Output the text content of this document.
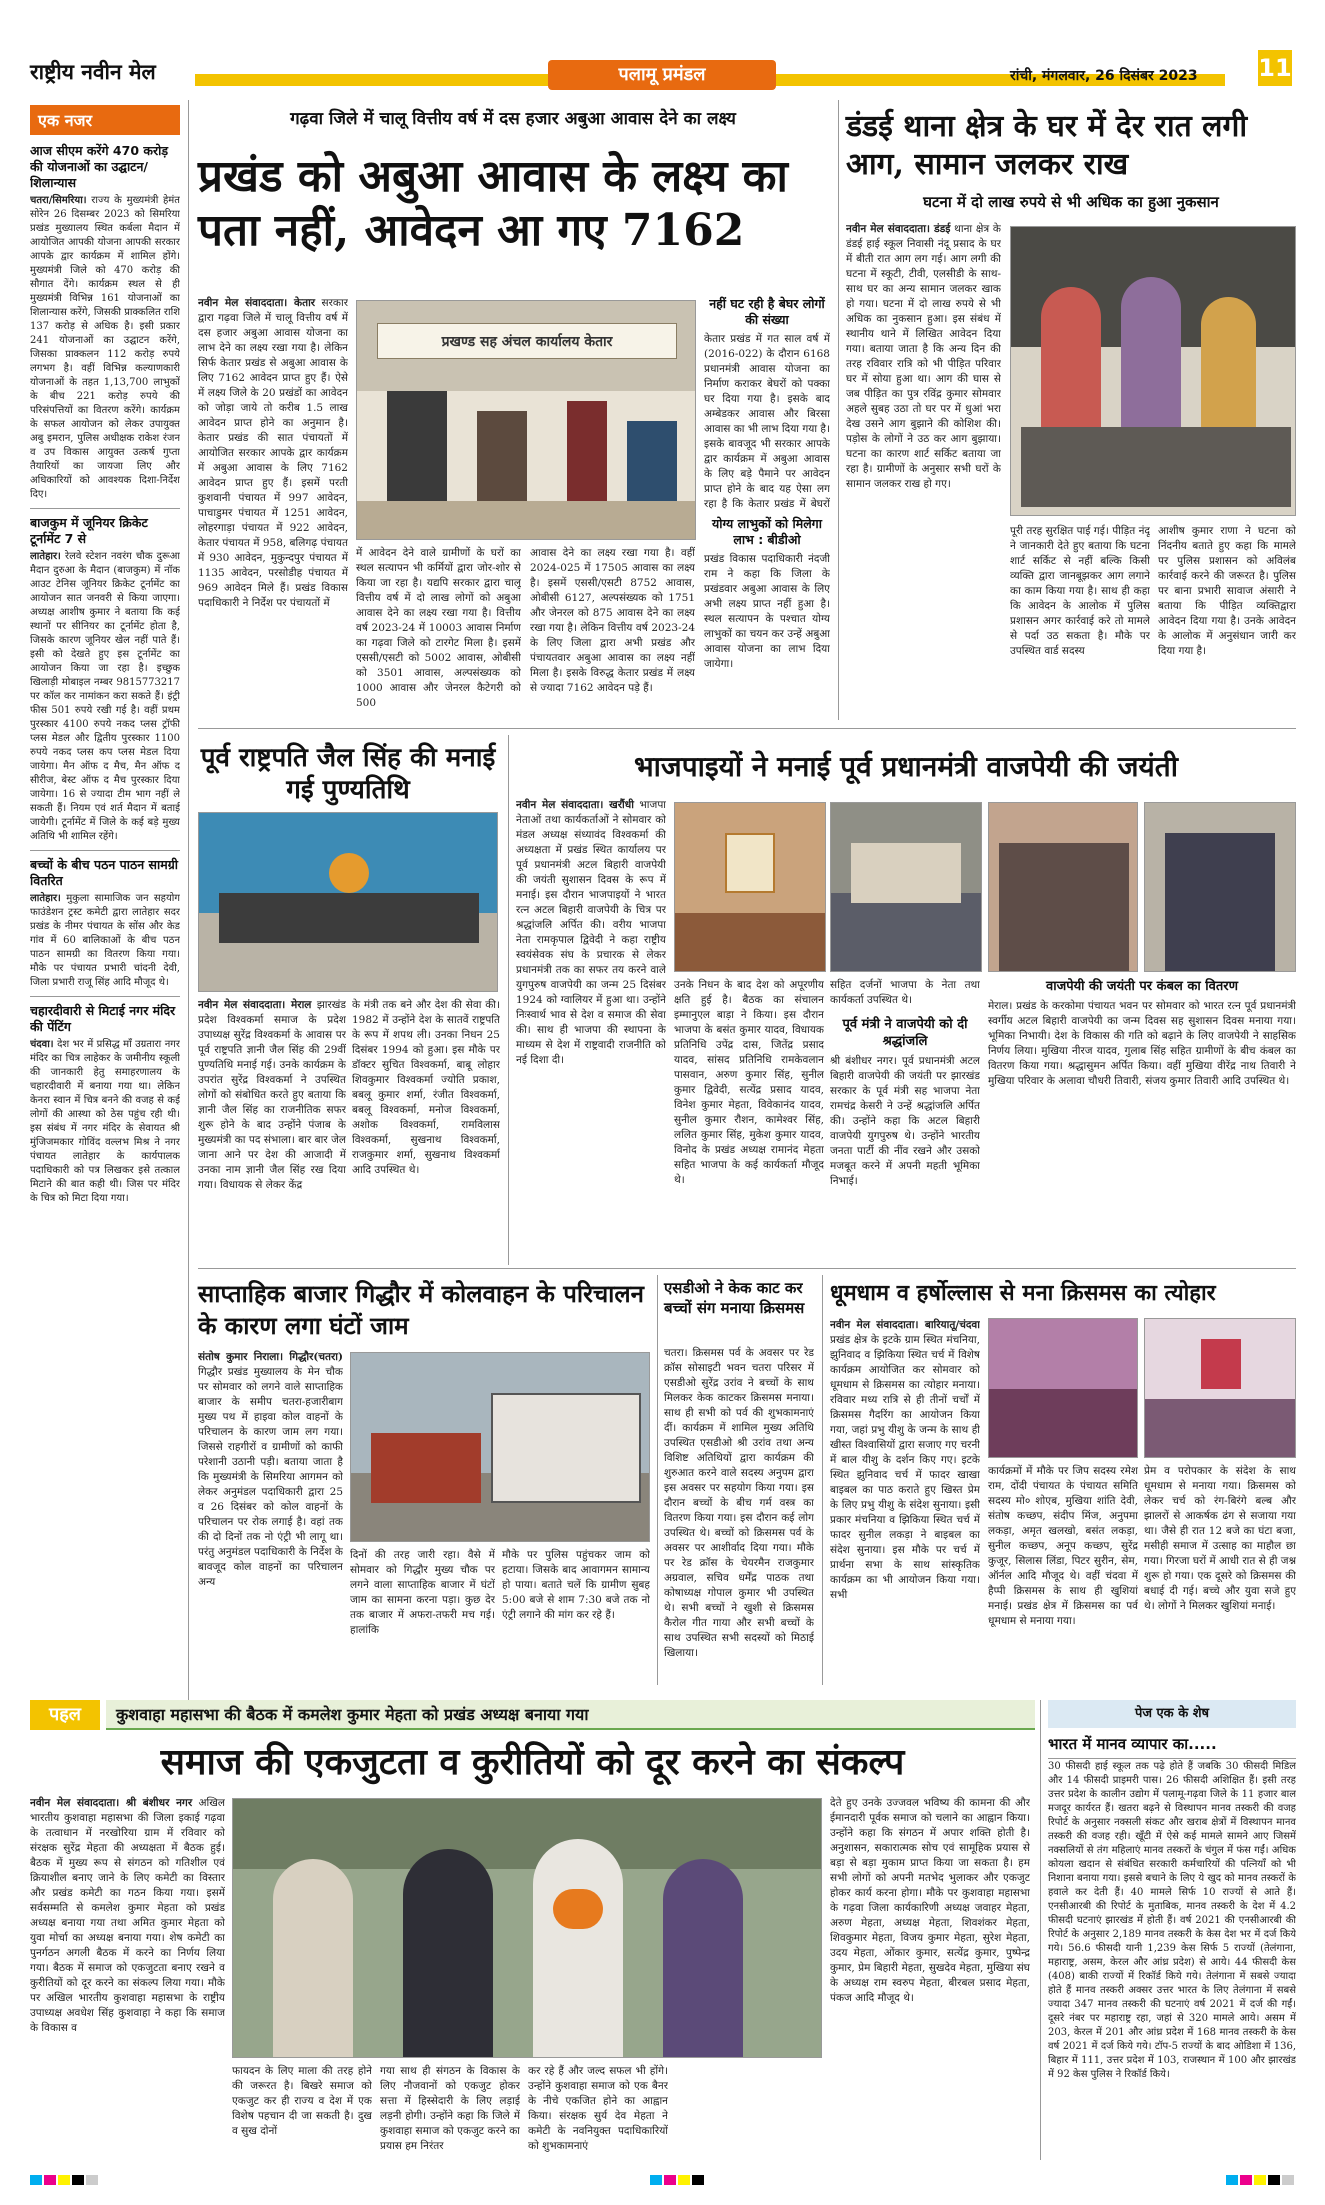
राष्ट्रीय नवीन मेल	पलामू प्रमंडल	रांची, मंगलवार, 26 दिसंबर 2023	11
एक नजर
आज सीएम करेंगे 470 करोड़ की योजनाओं का उद्घाटन/शिलान्यास
चतरा/सिमरिया। राज्य के मुख्यमंत्री हेमंत सोरेन 26 दिसम्बर 2023 को सिमरिया प्रखंड मुख्यालय स्थित कर्बला मैदान में आयोजित आपकी योजना आपकी सरकार आपके द्वार कार्यक्रम में शामिल होंगे। मुख्यमंत्री जिले को 470 करोड़ की सौगात देंगे। कार्यक्रम स्थल से ही मुख्यमंत्री विभिन्न 161 योजनाओं का शिलान्यास करेंगे, जिसकी प्राक्कलित राशि 137 करोड़ से अधिक है। इसी प्रकार 241 योजनाओं का उद्घाटन करेंगे, जिसका प्राक्कलन 112 करोड़ रुपये लगभग है। वहीं विभिन्न कल्याणकारी योजनाओं के तहत 1,13,700 लाभुकों के बीच 221 करोड़ रुपये की परिसंपत्तियों का वितरण करेंगे। कार्यक्रम के सफल आयोजन को लेकर उपायुक्त अबु इमरान, पुलिस अधीक्षक राकेश रंजन व उप विकास आयुक्त उत्कर्ष गुप्ता तैयारियों का जायजा लिए और अधिकारियों को आवश्यक दिशा-निर्देश दिए।
बाजकुम में जूनियर क्रिकेट टूर्नामेंट 7 से
लातेहार। रेलवे स्टेशन नवरंग चौक दुरूआ मैदान दुरुआ के मैदान (बाजकुम) में नॉक आउट टेनिस जूनियर क्रिकेट टूर्नामेंट का आयोजन सात जनवरी से किया जाएगा। अध्यक्ष आशीष कुमार ने बताया कि कई स्थानों पर सीनियर का टूर्नामेंट होता है, जिसके कारण जूनियर खेल नहीं पाते हैं। इसी को देखते हुए इस टूर्नामेंट का आयोजन किया जा रहा है। इच्छुक खिलाड़ी मोबाइल नम्बर 9815773217 पर कॉल कर नामांकन करा सकते हैं। इंट्री फीस 501 रुपये रखी गई है। वहीं प्रथम पुरस्कार 4100 रुपये नकद प्लस ट्रॉफी प्लस मेडल और द्वितीय पुरस्कार 1100 रुपये नकद प्लस कप प्लस मेडल दिया जायेगा। मैन ऑफ द मैच, मैन ऑफ द सीरीज, बेस्ट ऑफ द मैच पुरस्कार दिया जायेगा। 16 से ज्यादा टीम भाग नहीं ले सकती हैं। नियम एवं शर्त मैदान में बताई जायेगी। टूर्नामेंट में जिले के कई बड़े मुख्य अतिथि भी शामिल रहेंगे।
बच्चों के बीच पठन पाठन सामग्री वितरित
लातेहार। मुकुला सामाजिक जन सहयोग फाउंडेशन ट्रस्ट कमेटी द्वारा लातेहार सदर प्रखंड के नीमर पंचायत के सोंस और केड गांव में 60 बालिकाओं के बीच पठन पाठन सामग्री का वितरण किया गया। मौके पर पंचायत प्रभारी चांदनी देवी, जिला प्रभारी राजू सिंह आदि मौजूद थे।
चहारदीवारी से मिटाई नगर मंदिर की पेंटिंग
चंदवा। देश भर में प्रसिद्ध माँ उग्रतारा नगर मंदिर का चित्र लाहेकर के जमीनीय स्कूली की जानकारी हेतु समाहरणालय के चहारदीवारी में बनाया गया था। लेकिन केनरा स्वान में चित्र बनने की वजह से कई लोगों की आस्था को ठेस पहुंच रही थी। इस संबंध में नगर मंदिर के सेवायत श्री मुंजिजमकार गोविंद वल्लभ मिश्र ने नगर पंचायत लातेहार के कार्यपालक पदाधिकारी को पत्र लिखकर इसे तत्काल मिटाने की बात कही थी। जिस पर मंदिर के चित्र को मिटा दिया गया।
गढ़वा जिले में चालू वित्तीय वर्ष में दस हजार अबुआ आवास देने का लक्ष्य
प्रखंड को अबुआ आवास के लक्ष्य का पता नहीं, आवेदन आ गए 7162
नवीन मेल संवाददाता। केतार सरकार द्वारा गढ़वा जिले में चालू वित्तीय वर्ष में दस हजार अबुआ आवास योजना का लाभ देने का लक्ष्य रखा गया है। लेकिन सिर्फ केतार प्रखंड से अबुआ आवास के लिए 7162 आवेदन प्राप्त हुए हैं। ऐसे में लक्ष्य जिले के 20 प्रखंडों का आवेदन को जोड़ा जाये तो करीब 1.5 लाख आवेदन प्राप्त होने का अनुमान है। केतार प्रखंड की सात पंचायतों में आयोजित सरकार आपके द्वार कार्यक्रम में अबुआ आवास के लिए 7162 आवेदन प्राप्त हुए हैं। इसमें परती कुशवानी पंचायत में 997 आवेदन, पाचाडुमर पंचायत में 1251 आवेदन, लोहरगाड़ा पंचायत में 922 आवेदन, केतार पंचायत में 958, बलिगढ़ पंचायत में 930 आवेदन, मुकुन्दपुर पंचायत में 1135 आवेदन, परसोडीह पंचायत में 969 आवेदन मिले हैं। प्रखंड विकास पदाधिकारी ने निर्देश पर पंचायतों में
प्रखण्ड सह अंचल कार्यालय केतार
में आवेदन देने वाले ग्रामीणों के घरों का स्थल सत्यापन भी कर्मियों द्वारा जोर-शोर से किया जा रहा है। यद्यपि सरकार द्वारा चालू वित्तीय वर्ष में दो लाख लोगों को अबुआ आवास देने का लक्ष्य रखा गया है। वित्तीय वर्ष 2023-24 में 10003 आवास निर्माण का गढ़वा जिले को टारगेट मिला है। इसमें एससी/एसटी को 5002 आवास, ओबीसी को 3501 आवास, अल्पसंख्यक को 1000 आवास और जेनरल कैटेगरी को 500
आवास देने का लक्ष्य रखा गया है। वहीं 2024-025 में 17505 आवास का लक्ष्य है। इसमें एससी/एसटी 8752 आवास, ओबीसी 6127, अल्पसंख्यक को 1751 और जेनरल को 875 आवास देने का लक्ष्य रखा गया है। लेकिन वित्तीय वर्ष 2023-24 के लिए जिला द्वारा अभी प्रखंड और पंचायतवार अबुआ आवास का लक्ष्य नहीं मिला है। इसके विरुद्ध केतार प्रखंड में लक्ष्य से ज्यादा 7162 आवेदन पड़े हैं।
नहीं घट रही है बेघर लोगों की संख्या
केतार प्रखंड में गत साल वर्ष में (2016-022) के दौरान 6168 प्रधानमंत्री आवास योजना का निर्माण कराकर बेघरों को पक्का घर दिया गया है। इसके बाद अम्बेडकर आवास और बिरसा आवास का भी लाभ दिया गया है। इसके बावजूद भी सरकार आपके द्वार कार्यक्रम में अबुआ आवास के लिए बड़े पैमाने पर आवेदन प्राप्त होने के बाद यह ऐसा लग रहा है कि केतार प्रखंड में बेघरों
योग्य लाभुकों को मिलेगा लाभ : बीडीओ
प्रखंड विकास पदाधिकारी नंदजी राम ने कहा कि जिला के प्रखंडवार अबुआ आवास के लिए अभी लक्ष्य प्राप्त नहीं हुआ है। स्थल सत्यापन के पश्चात योग्य लाभुकों का चयन कर उन्हें अबुआ आवास योजना का लाभ दिया जायेगा।
डंडई थाना क्षेत्र के घर में देर रात लगी आग, सामान जलकर राख
घटना में दो लाख रुपये से भी अधिक का हुआ नुकसान
नवीन मेल संवाददाता। डंडई थाना क्षेत्र के डंडई हाई स्कूल निवासी नंदू प्रसाद के घर में बीती रात आग लग गई। आग लगी की घटना में स्कूटी, टीवी, एलसीडी के साथ-साथ घर का अन्य सामान जलकर खाक हो गया। घटना में दो लाख रुपये से भी अधिक का नुकसान हुआ। इस संबंध में स्थानीय थाने में लिखित आवेदन दिया गया। बताया जाता है कि अन्य दिन की तरह रविवार रात्रि को भी पीड़ित परिवार घर में सोया हुआ था। आग की घास से जब पीड़ित का पुत्र रविंद्र कुमार सोमवार अहले सुबह उठा तो घर पर में धुआं भरा देख उसने आग बुझाने की कोशिश की। पड़ोस के लोगों ने उठ कर आग बुझाया। घटना का कारण शार्ट सर्किट बताया जा रहा है। ग्रामीणों के अनुसार सभी घरों के सामान जलकर राख हो गए।
पूरी तरह सुरक्षित पाई गई। पीड़ित नंदू ने जानकारी देते हुए बताया कि घटना शार्ट सर्किट से नहीं बल्कि किसी व्यक्ति द्वारा जानबूझकर आग लगाने का काम किया गया है। साथ ही कहा कि आवेदन के आलोक में पुलिस प्रशासन अगर कार्रवाई करे तो मामले से पर्दा उठ सकता है। मौके पर उपस्थित वार्ड सदस्य
आशीष कुमार राणा ने घटना को निंदनीय बताते हुए कहा कि मामले पर पुलिस प्रशासन को अविलंब कार्रवाई करने की जरूरत है। पुलिस पर बाना प्रभारी सावाज अंसारी ने बताया कि पीड़ित व्यक्तिद्वारा आवेदन दिया गया है। उनके आवेदन के आलोक में अनुसंधान जारी कर दिया गया है।
पूर्व राष्ट्रपति जैल सिंह की मनाई गई पुण्यतिथि
नवीन मेल संवाददाता। मेराल झारखंड प्रदेश विश्वकर्मा समाज के प्रदेश उपाध्यक्ष सुरेंद्र विश्वकर्मा के आवास पर पूर्व राष्ट्रपति ज्ञानी जैल सिंह की 29वीं पुण्यतिथि मनाई गई। उनके कार्यक्रम के उपरांत सुरेंद्र विश्वकर्मा ने उपस्थित लोगों को संबोधित करते हुए बताया कि ज्ञानी जैल सिंह का राजनीतिक सफर शुरू होने के बाद उन्होंने पंजाब के मुख्यमंत्री का पद संभाला। बार बार जेल जाना आने पर देश की आजादी में उनका नाम ज्ञानी जैल सिंह रख दिया गया। विधायक से लेकर केंद्र
के मंत्री तक बने और देश की सेवा की। 1982 में उन्होंने देश के सातवें राष्ट्रपति के रूप में शपथ ली। उनका निधन 25 दिसंबर 1994 को हुआ। इस मौके पर डॉक्टर सुचित विश्वकर्मा, बाबू लोहार शिवकुमार विश्वकर्मा ज्योति प्रकाश, बबलू कुमार शर्मा, रंजीत विश्वकर्मा, बबलू विश्वकर्मा, मनोज विश्वकर्मा, अशोक विश्वकर्मा, रामविलास विश्वकर्मा, सुखनाथ विश्वकर्मा, राजकुमार शर्मा, सुखनाथ विश्वकर्मा आदि उपस्थित थे।
भाजपाइयों ने मनाई पूर्व प्रधानमंत्री वाजपेयी की जयंती
नवीन मेल संवाददाता। खरौंधी भाजपा नेताओं तथा कार्यकर्ताओं ने सोमवार को मंडल अध्यक्ष संध्यावंद विश्वकर्मा की अध्यक्षता में प्रखंड स्थित कार्यालय पर पूर्व प्रधानमंत्री अटल बिहारी वाजपेयी की जयंती सुशासन दिवस के रूप में मनाई। इस दौरान भाजपाइयों ने भारत रत्न अटल बिहारी वाजपेयी के चित्र पर श्रद्धांजलि अर्पित की। वरीय भाजपा नेता रामकृपाल द्विवेदी ने कहा राष्ट्रीय स्वयंसेवक संघ के प्रचारक से लेकर प्रधानमंत्री तक का सफर तय करने वाले युगपुरुष वाजपेयी का जन्म 25 दिसंबर 1924 को ग्वालियर में हुआ था। उन्होंने निःस्वार्थ भाव से देश व समाज की सेवा की। साथ ही भाजपा की स्थापना के माध्यम से देश में राष्ट्रवादी राजनीति को नई दिशा दी।
उनके निधन के बाद देश को अपूरणीय क्षति हुई है। बैठक का संचालन इम्मानुएल बाड़ा ने किया। इस दौरान भाजपा के बसंत कुमार यादव, विधायक प्रतिनिधि उपेंद्र दास, जितेंद्र प्रसाद यादव, सांसद प्रतिनिधि रामकेवलान पासवान, अरुण कुमार सिंह, सुनील कुमार द्विवेदी, सत्येंद्र प्रसाद यादव, विनेश कुमार मेहता, विवेकानंद यादव, सुनील कुमार रौशन, कामेश्वर सिंह, ललित कुमार सिंह, मुकेश कुमार यादव, विनोद के प्रखंड अध्यक्ष रामानंद मेहता सहित भाजपा के कई कार्यकर्ता मौजूद थे।
सहित दर्जनों भाजपा के नेता तथा कार्यकर्ता उपस्थित थे।
पूर्व मंत्री ने वाजपेयी को दी श्रद्धांजलि
श्री बंशीधर नगर। पूर्व प्रधानमंत्री अटल बिहारी वाजपेयी की जयंती पर झारखंड सरकार के पूर्व मंत्री सह भाजपा नेता रामचंद्र केसरी ने उन्हें श्रद्धांजलि अर्पित की। उन्होंने कहा कि अटल बिहारी वाजपेयी युगपुरुष थे। उन्होंने भारतीय जनता पार्टी की नींव रखने और उसको मजबूत करने में अपनी महती भूमिका निभाई।
वाजपेयी की जयंती पर कंबल का वितरण
मेराल। प्रखंड के करकोमा पंचायत भवन पर सोमवार को भारत रत्न पूर्व प्रधानमंत्री स्वर्गीय अटल बिहारी वाजपेयी का जन्म दिवस सह सुशासन दिवस मनाया गया। भूमिका निभायी। देश के विकास की गति को बढ़ाने के लिए वाजपेयी ने साहसिक निर्णय लिया। मुखिया नीरज यादव, गुलाब सिंह सहित ग्रामीणों के बीच कंबल का वितरण किया गया। श्रद्धासुमन अर्पित किया। वहीं मुखिया वीरेंद्र नाथ तिवारी ने मुखिया परिवार के अलावा चौधरी तिवारी, संजय कुमार तिवारी आदि उपस्थित थे।
साप्ताहिक बाजार गिद्धौर में कोलवाहन के परिचालन के कारण लगा घंटों जाम
संतोष कुमार निराला। गिद्धौर(चतरा) गिद्धौर प्रखंड मुख्यालय के मेन चौक पर सोमवार को लगने वाले साप्ताहिक बाजार के समीप चतरा-हजारीबाग मुख्य पथ में हाइवा कोल वाहनों के परिचालन के कारण जाम लग गया। जिससे राहगीरों व ग्रामीणों को काफी परेशानी उठानी पड़ी। बताया जाता है कि मुख्यमंत्री के सिमरिया आगमन को लेकर अनुमंडल पदाधिकारी द्वारा 25 व 26 दिसंबर को कोल वाहनों के परिचालन पर रोक लगाई है। वहां तक की दो दिनों तक नो एंट्री भी लागू था। परंतु अनुमंडल पदाधिकारी के निर्देश के बावजूद कोल वाहनों का परिचालन अन्य
दिनों की तरह जारी रहा। वैसे में सोमवार को गिद्धौर मुख्य चौक पर लगने वाला साप्ताहिक बाजार में घंटों जाम का सामना करना पड़ा। कुछ देर तक बाजार में अफरा-तफरी मच गई। हालांकि
मौके पर पुलिस पहुंचकर जाम को हटाया। जिसके बाद आवागमन सामान्य हो पाया। बताते चलें कि ग्रामीण सुबह 5:00 बजे से शाम 7:30 बजे तक नो एंट्री लगाने की मांग कर रहे हैं।
एसडीओ ने केक काट कर बच्चों संग मनाया क्रिसमस
चतरा। क्रिसमस पर्व के अवसर पर रेड क्रॉस सोसाइटी भवन चतरा परिसर में एसडीओ सुरेंद्र उरांव ने बच्चों के साथ मिलकर केक काटकर क्रिसमस मनाया। साथ ही सभी को पर्व की शुभकामनाएं दीं। कार्यक्रम में शामिल मुख्य अतिथि उपस्थित एसडीओ श्री उरांव तथा अन्य विशिष्ट अतिथियों द्वारा कार्यक्रम की शुरुआत करने वाले सदस्य अनुपम द्वारा इस अवसर पर सहयोग किया गया। इस दौरान बच्चों के बीच गर्म वस्त्र का वितरण किया गया। इस दौरान कई लोग उपस्थित थे। बच्चों को क्रिसमस पर्व के अवसर पर आशीर्वाद दिया गया। मौके पर रेड क्रॉस के चेयरमैन राजकुमार अग्रवाल, सचिव धर्मेंद्र पाठक तथा कोषाध्यक्ष गोपाल कुमार भी उपस्थित थे। सभी बच्चों ने खुशी से क्रिसमस कैरोल गीत गाया और सभी बच्चों के साथ उपस्थित सभी सदस्यों को मिठाई खिलाया।
धूमधाम व हर्षोल्लास से मना क्रिसमस का त्योहार
नवीन मेल संवाददाता। बारियातू/चंदवा प्रखंड क्षेत्र के इटके ग्राम स्थित मंचनिया, झुनिवाद व झिकिया स्थित चर्च में विशेष कार्यक्रम आयोजित कर सोमवार को धूमधाम से क्रिसमस का त्योहार मनाया। रविवार मध्य रात्रि से ही तीनों चर्चों में क्रिसमस गैदरिंग का आयोजन किया गया, जहां प्रभु यीशु के जन्म के साथ ही खीस्त विश्वासियों द्वारा सजाए गए चरनी में बाल यीशु के दर्शन किए गए। इटके स्थित झुनिवाद चर्च में फादर खाखा बाइबल का पाठ कराते हुए खिस्त प्रेम के लिए प्रभु यीशु के संदेश सुनाया। इसी प्रकार मंचनिया व झिकिया स्थित चर्च में फादर सुनील लकड़ा ने बाइबल का संदेश सुनाया। इस मौके पर चर्च में प्रार्थना सभा के साथ सांस्कृतिक कार्यक्रम का भी आयोजन किया गया। सभी
कार्यक्रमों में मौके पर जिप सदस्य रमेश राम, दोंदी पंचायत के पंचायत समिति सदस्य मो० शोएब, मुखिया शांति देवी, संतोष कच्छप, संदीप मिंज, अनुपमा लकड़ा, अमृत खलखो, बसंत लकड़ा, सुनील कच्छप, अनूप कच्छप, सुरेंद्र कुजूर, सिलास लिंडा, पिटर सुरीन, सेम, ऑर्नल आदि मौजूद थे। वहीं चंदवा में हैप्पी क्रिसमस के साथ ही खुशियां मनाई। प्रखंड क्षेत्र में क्रिसमस का पर्व धूमधाम से मनाया गया।
प्रेम व परोपकार के संदेश के साथ धूमधाम से मनाया गया। क्रिसमस को लेकर चर्च को रंग-बिरंगे बल्ब और झालरों से आकर्षक ढंग से सजाया गया था। जैसे ही रात 12 बजे का घंटा बजा, मसीही समाज में उत्साह का माहौल छा गया। गिरजा घरों में आधी रात से ही जश्न शुरू हो गया। एक दूसरे को क्रिसमस की बधाई दी गई। बच्चे और युवा सजे हुए थे। लोगों ने मिलकर खुशियां मनाई।
पहल	कुशवाहा महासभा की बैठक में कमलेश कुमार मेहता को प्रखंड अध्यक्ष बनाया गया
समाज की एकजुटता व कुरीतियों को दूर करने का संकल्प
नवीन मेल संवाददाता। श्री बंशीधर नगर अखिल भारतीय कुशवाहा महासभा की जिला इकाई गढ़वा के तत्वाधान में नरखोरिया ग्राम में रविवार को संरक्षक सुरेंद्र मेहता की अध्यक्षता में बैठक हुई। बैठक में मुख्य रूप से संगठन को गतिशील एवं क्रियाशील बनाए जाने के लिए कमेटी का विस्तार और प्रखंड कमेटी का गठन किया गया। इसमें सर्वसम्मति से कमलेश कुमार मेहता को प्रखंड अध्यक्ष बनाया गया तथा अमित कुमार मेहता को युवा मोर्चा का अध्यक्ष बनाया गया। शेष कमेटी का पुनर्गठन अगली बैठक में करने का निर्णय लिया गया। बैठक में समाज को एकजुटता बनाए रखने व कुरीतियों को दूर करने का संकल्प लिया गया। मौके पर अखिल भारतीय कुशवाहा महासभा के राष्ट्रीय उपाध्यक्ष अवधेश सिंह कुशवाहा ने कहा कि समाज के विकास व
फायदन के लिए माला की तरह होने की जरूरत है। बिखरे समाज को एकजुट कर ही राज्य व देश में एक विशेष पहचान दी जा सकती है। दुख व सुख दोनों
गया साथ ही संगठन के विकास के लिए नौजवानों को एकजुट होकर सत्ता में हिस्सेदारी के लिए लड़ाई लड़नी होगी। उन्होंने कहा कि जिले में कुशवाहा समाज को एकजुट करने का प्रयास हम निरंतर
कर रहे हैं और जल्द सफल भी होंगे। उन्होंने कुशवाहा समाज को एक बैनर के नीचे एकजित होने का आह्वान किया। संरक्षक सुर्य देव मेहता ने कमेटी के नवनियुक्त पदाधिकारियों को शुभकामनाएं
देते हुए उनके उज्जवल भविष्य की कामना की और ईमानदारी पूर्वक समाज को चलाने का आह्वान किया। उन्होंने कहा कि संगठन में अपार शक्ति होती है। अनुशासन, सकारात्मक सोच एवं सामूहिक प्रयास से बड़ा से बड़ा मुकाम प्राप्त किया जा सकता है। हम सभी लोगों को अपनी मतभेद भुलाकर और एकजुट होकर कार्य करना होगा। मौके पर कुशवाहा महासभा के गढ़वा जिला कार्यकारिणी अध्यक्ष जवाहर मेहता, अरुण मेहता, अध्यक्ष मेहता, शिवशंकर मेहता, शिवकुमार मेहता, विजय कुमार मेहता, सुरेश मेहता, उदय मेहता, ओंकार कुमार, सत्येंद्र कुमार, पुष्पेन्द्र कुमार, प्रेम बिहारी मेहता, सुखदेव मेहता, मुखिया संघ के अध्यक्ष राम स्वरुप मेहता, बीरबल प्रसाद मेहता, पंकज आदि मौजूद थे।
पेज एक के शेष
भारत में मानव व्यापार का.....
30 फीसदी हाई स्कूल तक पढ़े होते हैं जबकि 30 फीसदी मिडिल और 14 फीसदी प्राइमरी पास। 26 फीसदी अशिक्षित हैं। इसी तरह उत्तर प्रदेश के कालीन उद्योग में पलामू-गढ़वा जिले के 11 हजार बाल मजदूर कार्यरत हैं। खतरा बढ़ने से विस्थापन मानव तस्करी की वजह रिपोर्ट के अनुसार नक्सली संकट और खराब क्षेत्रों में विस्थापन मानव तस्करी की वजह रही। खूँटी में ऐसे कई मामले सामने आए जिसमें नक्सलियों से तंग महिलाएं मानव तस्करों के चंगुल में फंस गईं। अधिक कोयला खदान से संबंधित सरकारी कर्मचारियों की पत्नियाँ को भी निशाना बनाया गया। इससे बचाने के लिए ये खुद को मानव तस्करों के हवाले कर देती हैं। 40 मामले सिर्फ 10 राज्यों से आते हैं। एनसीआरबी की रिपोर्ट के मुताबिक, मानव तस्करी के देश में 4.2 फीसदी घटनाएं झारखंड में होती हैं। वर्ष 2021 की एनसीआरबी की रिपोर्ट के अनुसार 2,189 मानव तस्करी के केस देश भर में दर्ज किये गये। 56.6 फीसदी यानी 1,239 केस सिर्फ 5 राज्यों (तेलंगाना, महाराष्ट्र, असम, केरल और आंध्र प्रदेश) से आये। 44 फीसदी केस (408) बाकी राज्यों में रिकॉर्ड किये गये। तेलंगाना में सबसे ज्यादा होते हैं मानव तस्करी अक्सर उत्तर भारत के लिए तेलंगाना में सबसे ज्यादा 347 मानव तस्करी की घटनाएं वर्ष 2021 में दर्ज की गईं। दूसरे नंबर पर महाराष्ट्र रहा, जहां से 320 मामले आये। असम में 203, केरल में 201 और आंध्र प्रदेश में 168 मानव तस्करी के केस वर्ष 2021 में दर्ज किये गये। टॉप-5 राज्यों के बाद ओडिशा में 136, बिहार में 111, उत्तर प्रदेश में 103, राजस्थान में 100 और झारखंड में 92 केस पुलिस ने रिकॉर्ड किये।
